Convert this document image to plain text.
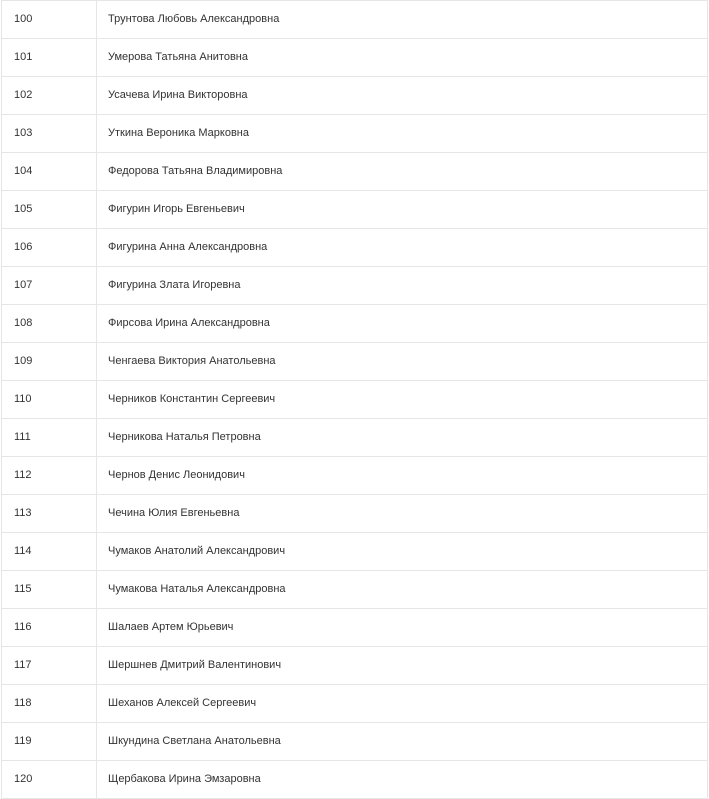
100	Трунтова Любовь Александровна
101	Умерова Татьяна Анитовна
102	Усачева Ирина Викторовна
103	Уткина Вероника Марковна
104	Федорова Татьяна Владимировна
105	Фигурин Игорь Евгеньевич
106	Фигурина Анна Александровна
107	Фигурина Злата Игоревна
108	Фирсова Ирина Александровна
109	Ченгаева Виктория Анатольевна
110	Черников Константин Сергеевич
111	Черникова Наталья Петровна
112	Чернов Денис Леонидович
113	Чечина Юлия Евгеньевна
114	Чумаков Анатолий Александрович
115	Чумакова Наталья Александровна
116	Шалаев Артем Юрьевич
117	Шершнев Дмитрий Валентинович
118	Шеханов Алексей Сергеевич
119	Шкундина Светлана Анатольевна
120	Щербакова Ирина Эмзаровна
